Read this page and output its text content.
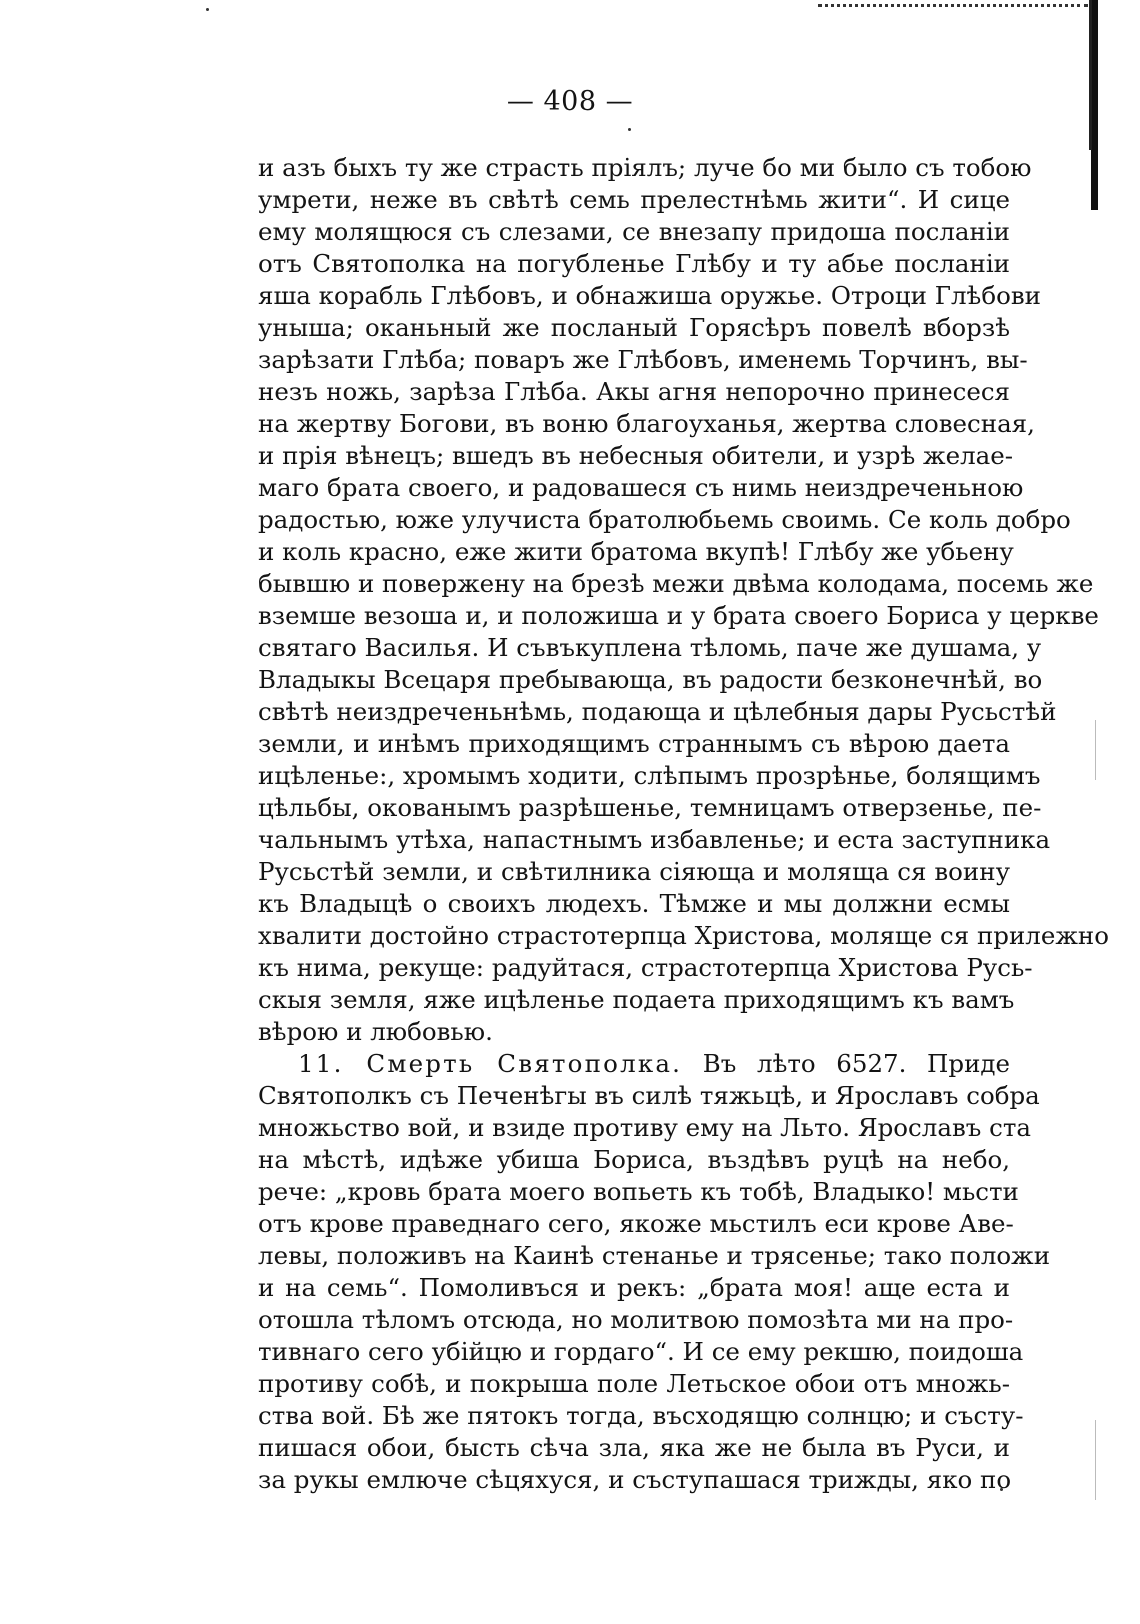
— 408 —
и азъ быхъ ту же страсть пріялъ; луче бо ми было съ тобою
умрети, неже въ свѣтѣ семь прелестнѣмь жити“. И сице
ему молящюся съ слезами, се внезапу придоша посланіи
отъ Святополка на погубленье Глѣбу и ту абье посланіи
яша корабль Глѣбовъ, и обнажиша оружье. Отроци Глѣбови
уныша; оканьный же посланый Горясѣръ повелѣ вборзѣ
зарѣзати Глѣба; поваръ же Глѣбовъ, именемь Торчинъ, вы-
незъ ножь, зарѣза Глѣба. Акы агня непорочно принесеся
на жертву Богови, въ воню благоуханья, жертва словесная,
и прія вѣнецъ; вшедъ въ небесныя обители, и узрѣ желае-
маго брата своего, и радовашеся съ нимь неиздреченьною
радостью, юже улучиста братолюбьемь своимь. Се коль добро
и коль красно, еже жити братома вкупѣ! Глѣбу же убьену
бывшю и повержену на брезѣ межи двѣма колодама, посемь же
вземше везоша и, и положиша и у брата своего Бориса у церкве
святаго Василья. И съвъкуплена тѣломь, паче же душама, у
Владыкы Всецаря пребывающа, въ радости безконечнѣй, во
свѣтѣ неиздреченьнѣмь, подающа и цѣлебныя дары Русьстѣй
земли, и инѣмъ приходящимъ страннымъ съ вѣрою даета
ицѣленье:, хромымъ ходити, слѣпымъ прозрѣнье, болящимъ
цѣльбы, окованымъ разрѣшенье, темницамъ отверзенье, пе-
чальнымъ утѣха, напастнымъ избавленье; и еста заступника
Русьстѣй земли, и свѣтилника сіяюща и моляща ся воину
къ Владыцѣ о своихъ людехъ. Тѣмже и мы должни есмы
хвалити достойно страстотерпца Христова, моляще ся прилежно
къ нима, рекуще: радуйтася, страстотерпца Христова Русь-
скыя земля, яже ицѣленье подаета приходящимъ къ вамъ
вѣрою и любовью.
11. Смерть Святополка. Въ лѣто 6527. Приде
Святополкъ съ Печенѣгы въ силѣ тяжьцѣ, и Ярославъ собра
множьство вой, и взиде противу ему на Льто. Ярославъ ста
на мѣстѣ, идѣже убиша Бориса, въздѣвъ руцѣ на небо,
рече: „кровь брата моего вопьеть къ тобѣ, Владыко! мьсти
отъ крове праведнаго сего, якоже мьстилъ еси крове Аве-
левы, положивъ на Каинѣ стенанье и трясенье; тако положи
и на семь“. Помоливъся и рекъ: „брата моя! аще еста и
отошла тѣломъ отсюда, но молитвою помозѣта ми на про-
тивнаго сего убійцю и гордаго“. И се ему рекшю, поидоша
противу собѣ, и покрыша поле Летьское обои отъ множь-
ства вой. Бѣ же пятокъ тогда, въсходящю солнцю; и състу-
пишася обои, бысть сѣча зла, яка же не была въ Руси, и
за рукы емлюче сѣцяхуся, и съступашася трижды, яко по
